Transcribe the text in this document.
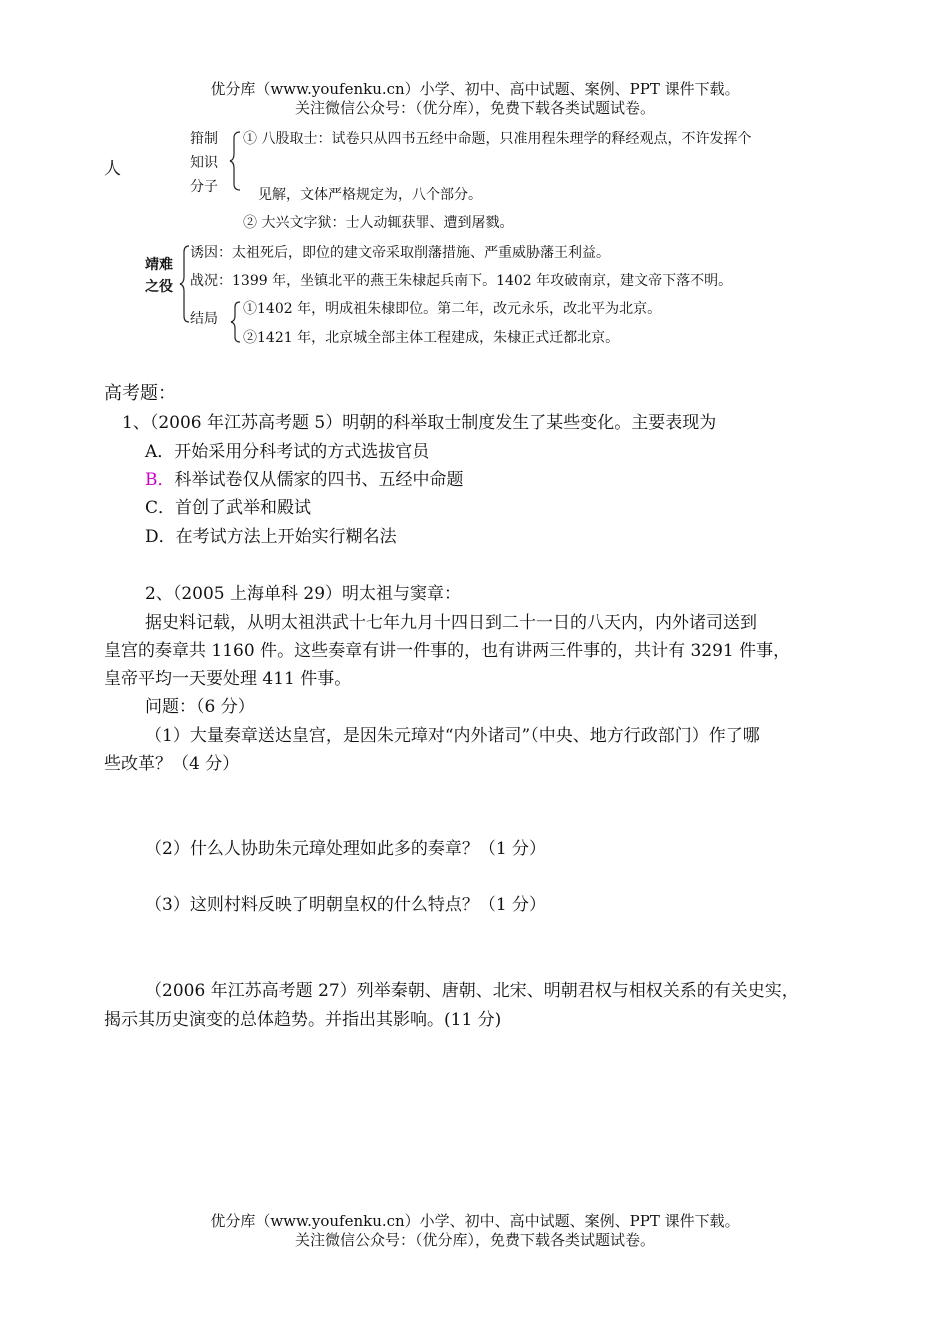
优分库（www.youfenku.cn）小学、初中、高中试题、案例、PPT 课件下载。
关注微信公众号：（优分库），免费下载各类试题试卷。
人
箝制
知识
分子
① 八股取士：试卷只从四书五经中命题，只准用程朱理学的释经观点，不许发挥个
见解，文体严格规定为，八个部分。
② 大兴文字狱：士人动辄获罪、遭到屠戮。
靖难
之役
诱因：太祖死后，即位的建文帝采取削藩措施、严重威胁藩王利益。
战况：1399 年，坐镇北平的燕王朱棣起兵南下。1402 年攻破南京，建文帝下落不明。
结局
①1402 年，明成祖朱棣即位。第二年，改元永乐，改北平为北京。
②1421 年，北京城全部主体工程建成，朱棣正式迁都北京。
高考题：
1、（2006 年江苏高考题 5）明朝的科举取士制度发生了某些变化。主要表现为
A．开始采用分科考试的方式选拔官员
B．科举试卷仅从儒家的四书、五经中命题
C．首创了武举和殿试
D．在考试方法上开始实行糊名法
2、（2005 上海单科 29）明太祖与窦章：
据史料记载，从明太祖洪武十七年九月十四日到二十一日的八天内，内外诸司送到
皇宫的奏章共 1160 件。这些奏章有讲一件事的，也有讲两三件事的，共计有 3291 件事，
皇帝平均一天要处理 411 件事。
问题：（6 分）
（1）大量奏章送达皇宫，是因朱元璋对“内外诸司”（中央、地方行政部门）作了哪
些改革？（4 分）
（2）什么人协助朱元璋处理如此多的奏章？（1 分）
（3）这则村料反映了明朝皇权的什么特点？（1 分）
（2006 年江苏高考题 27）列举秦朝、唐朝、北宋、明朝君权与相权关系的有关史实，
揭示其历史演变的总体趋势。并指出其影响。(11 分)
优分库（www.youfenku.cn）小学、初中、高中试题、案例、PPT 课件下载。
关注微信公众号：（优分库），免费下载各类试题试卷。
